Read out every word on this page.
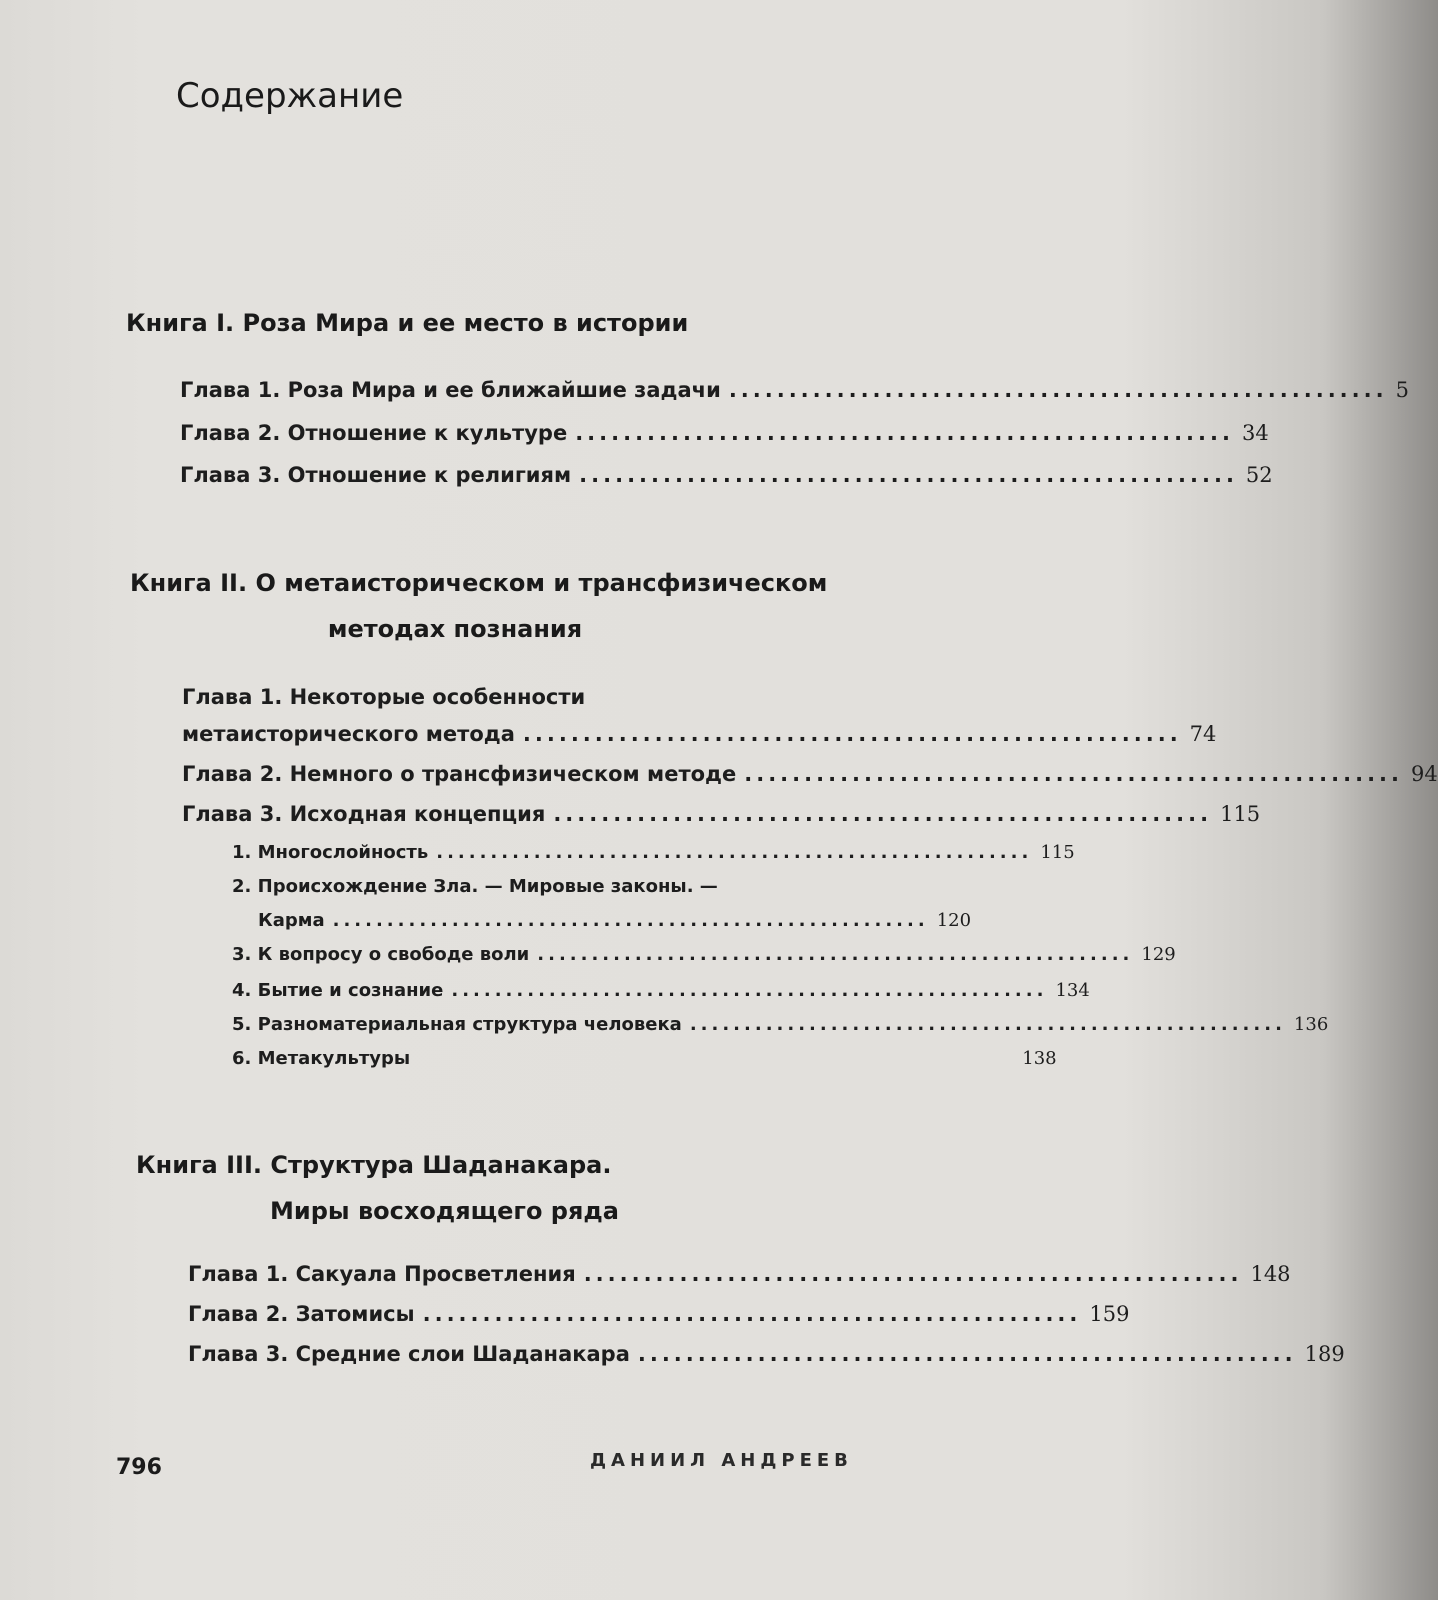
Содержание
Книга I. Роза Мира и ее место в истории
Глава 1. Роза Мира и ее ближайшие задачи ....................................................... 5
Глава 2. Отношение к культуре ....................................................... 34
Глава 3. Отношение к религиям ....................................................... 52
Книга II. О метаисторическом и трансфизическом
методах познания
Глава 1. Некоторые особенности
метаисторического метода ....................................................... 74
Глава 2. Немного о трансфизическом методе ....................................................... 94
Глава 3. Исходная концепция ....................................................... 115
1. Многослойность ....................................................... 115
2. Происхождение Зла. — Мировые законы. —
Карма ....................................................... 120
3. К вопросу о свободе воли ....................................................... 129
4. Бытие и сознание ....................................................... 134
5. Разноматериальная структура человека ....................................................... 136
6. Метакультуры	138
Книга III. Структура Шаданакара.
Миры восходящего ряда
Глава 1. Сакуала Просветления ....................................................... 148
Глава 2. Затомисы ....................................................... 159
Глава 3. Средние слои Шаданакара ....................................................... 189
796	ДАНИИЛ АНДРЕЕВ
